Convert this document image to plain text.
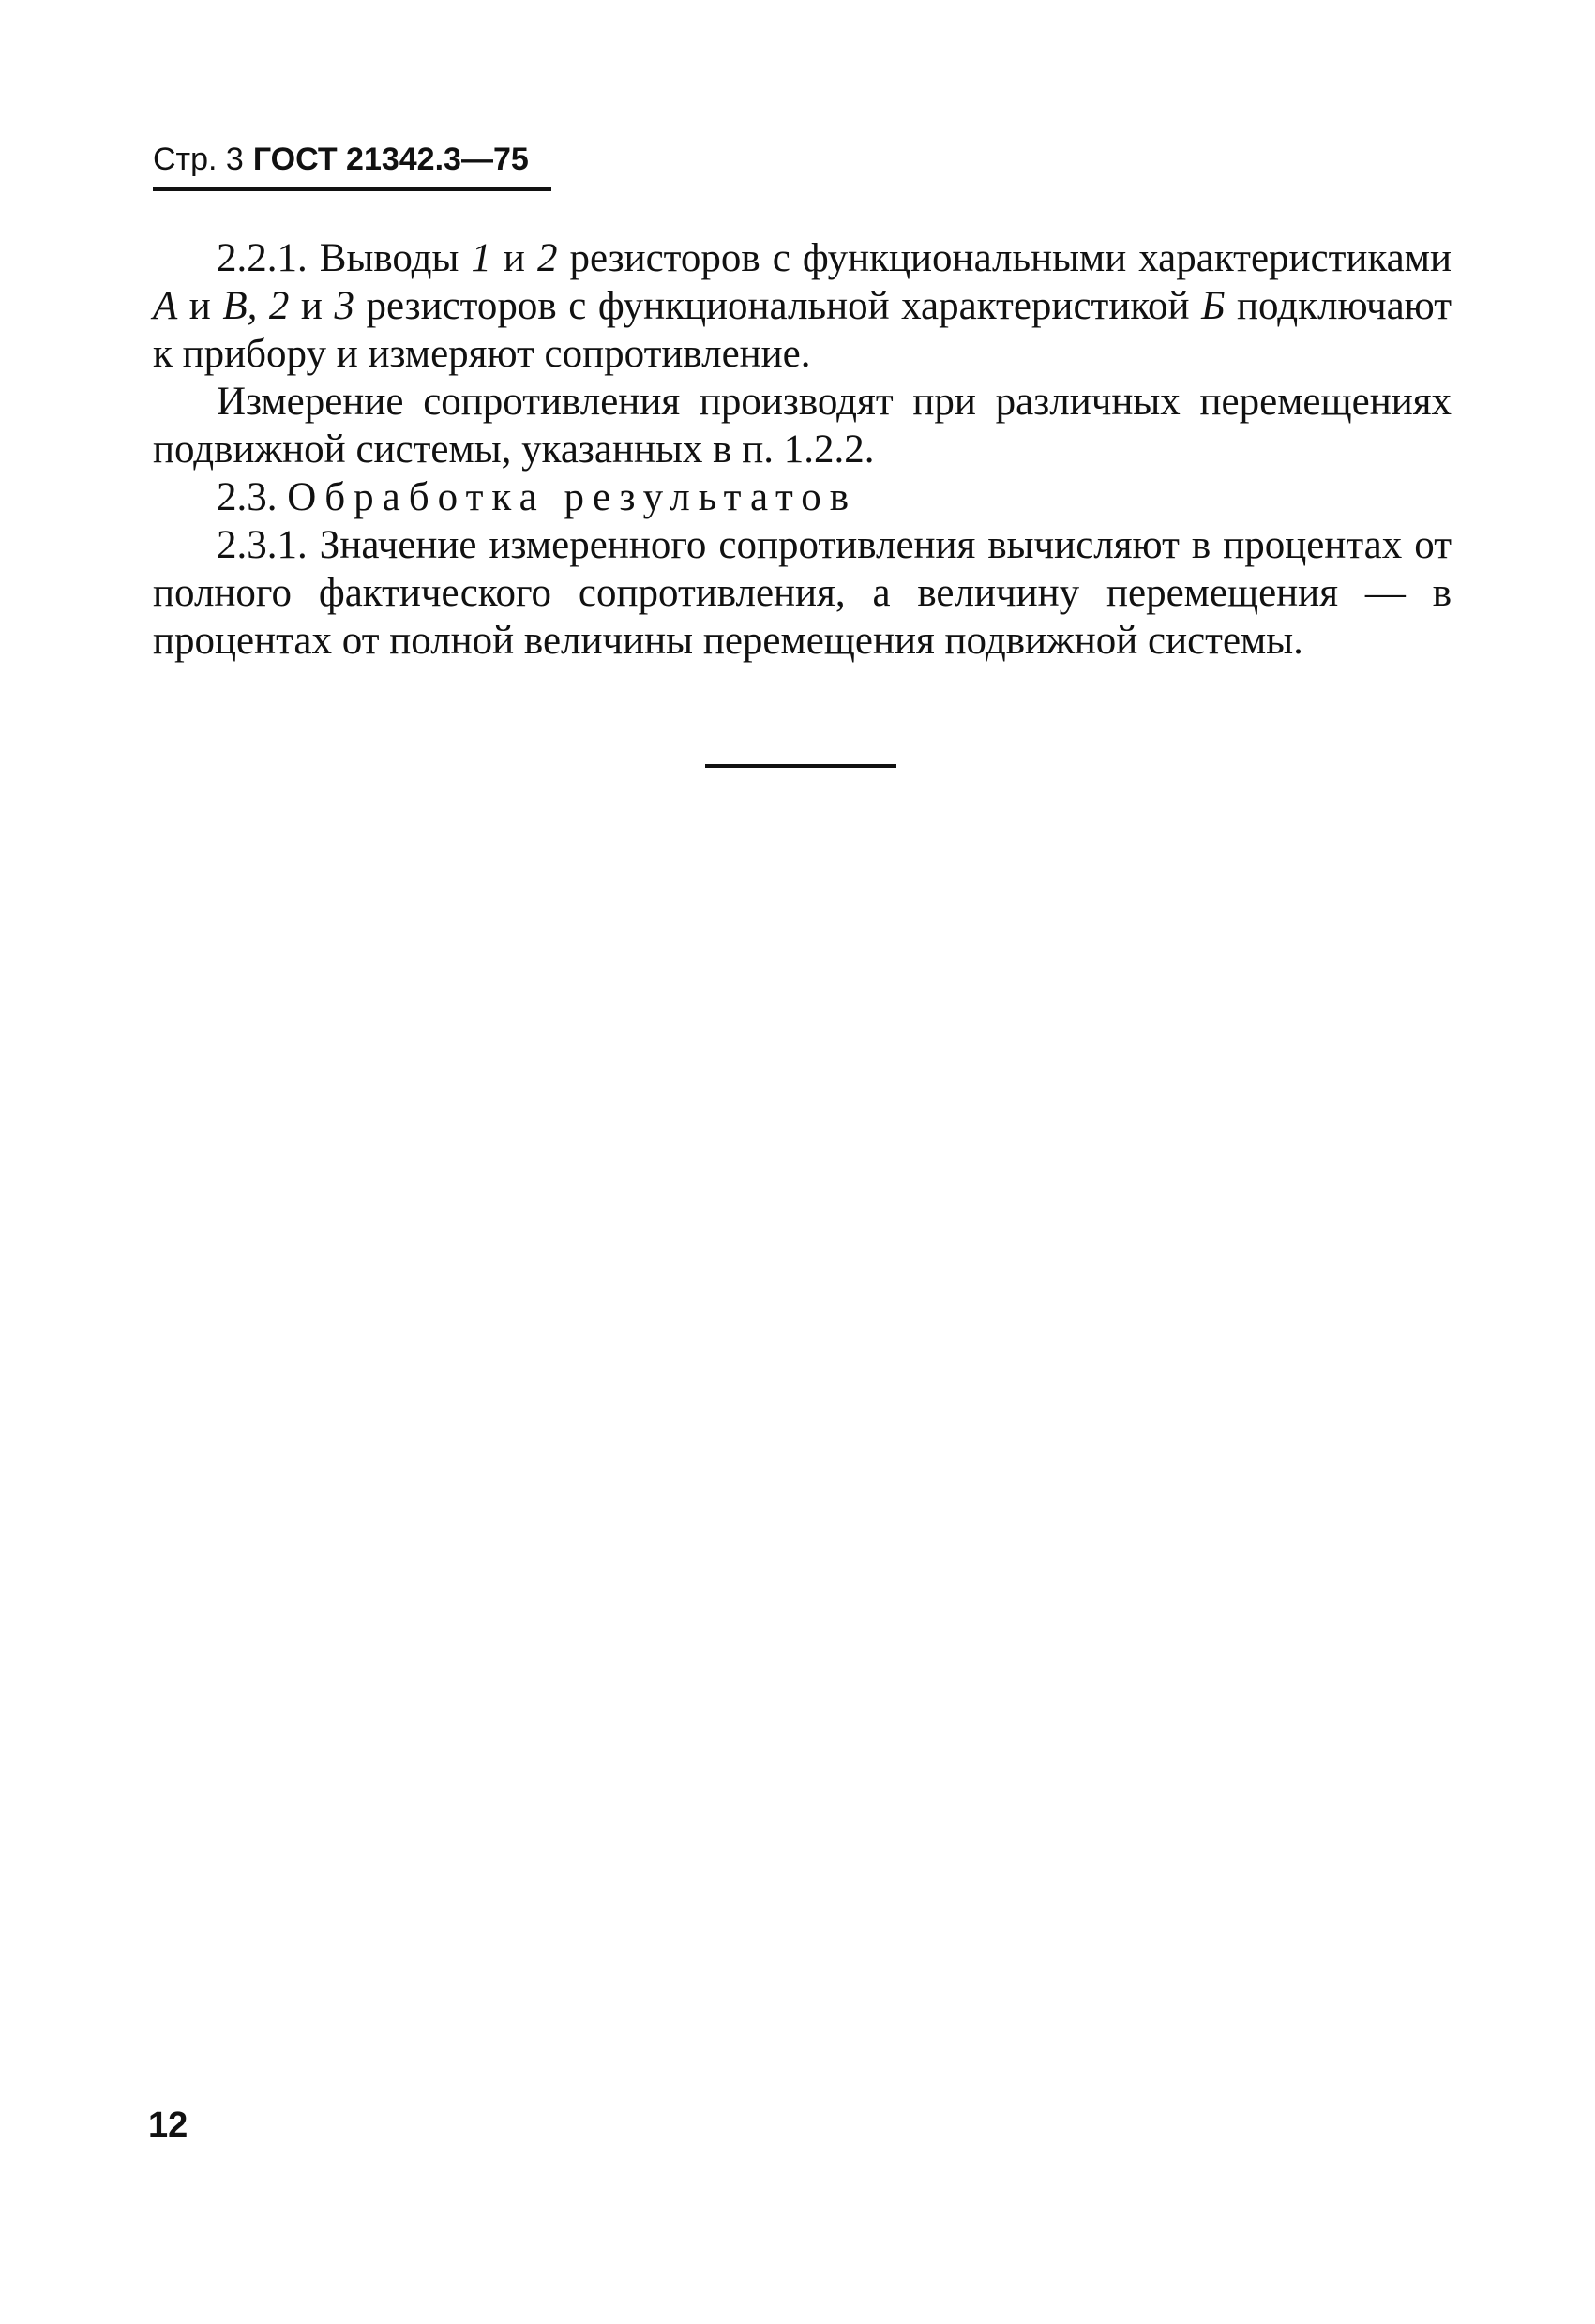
Стр. 3 ГОСТ 21342.3—75

2.2.1. Выводы 1 и 2 резисторов с функциональными характеристиками А и В, 2 и 3 резисторов с функциональной характеристикой Б подключают к прибору и измеряют сопротивление.

Измерение сопротивления производят при различных перемещениях подвижной системы, указанных в п. 1.2.2.

2.3. Обработка результатов

2.3.1. Значение измеренного сопротивления вычисляют в процентах от полного фактического сопротивления, а величину перемещения — в процентах от полной величины перемещения подвижной системы.

12
